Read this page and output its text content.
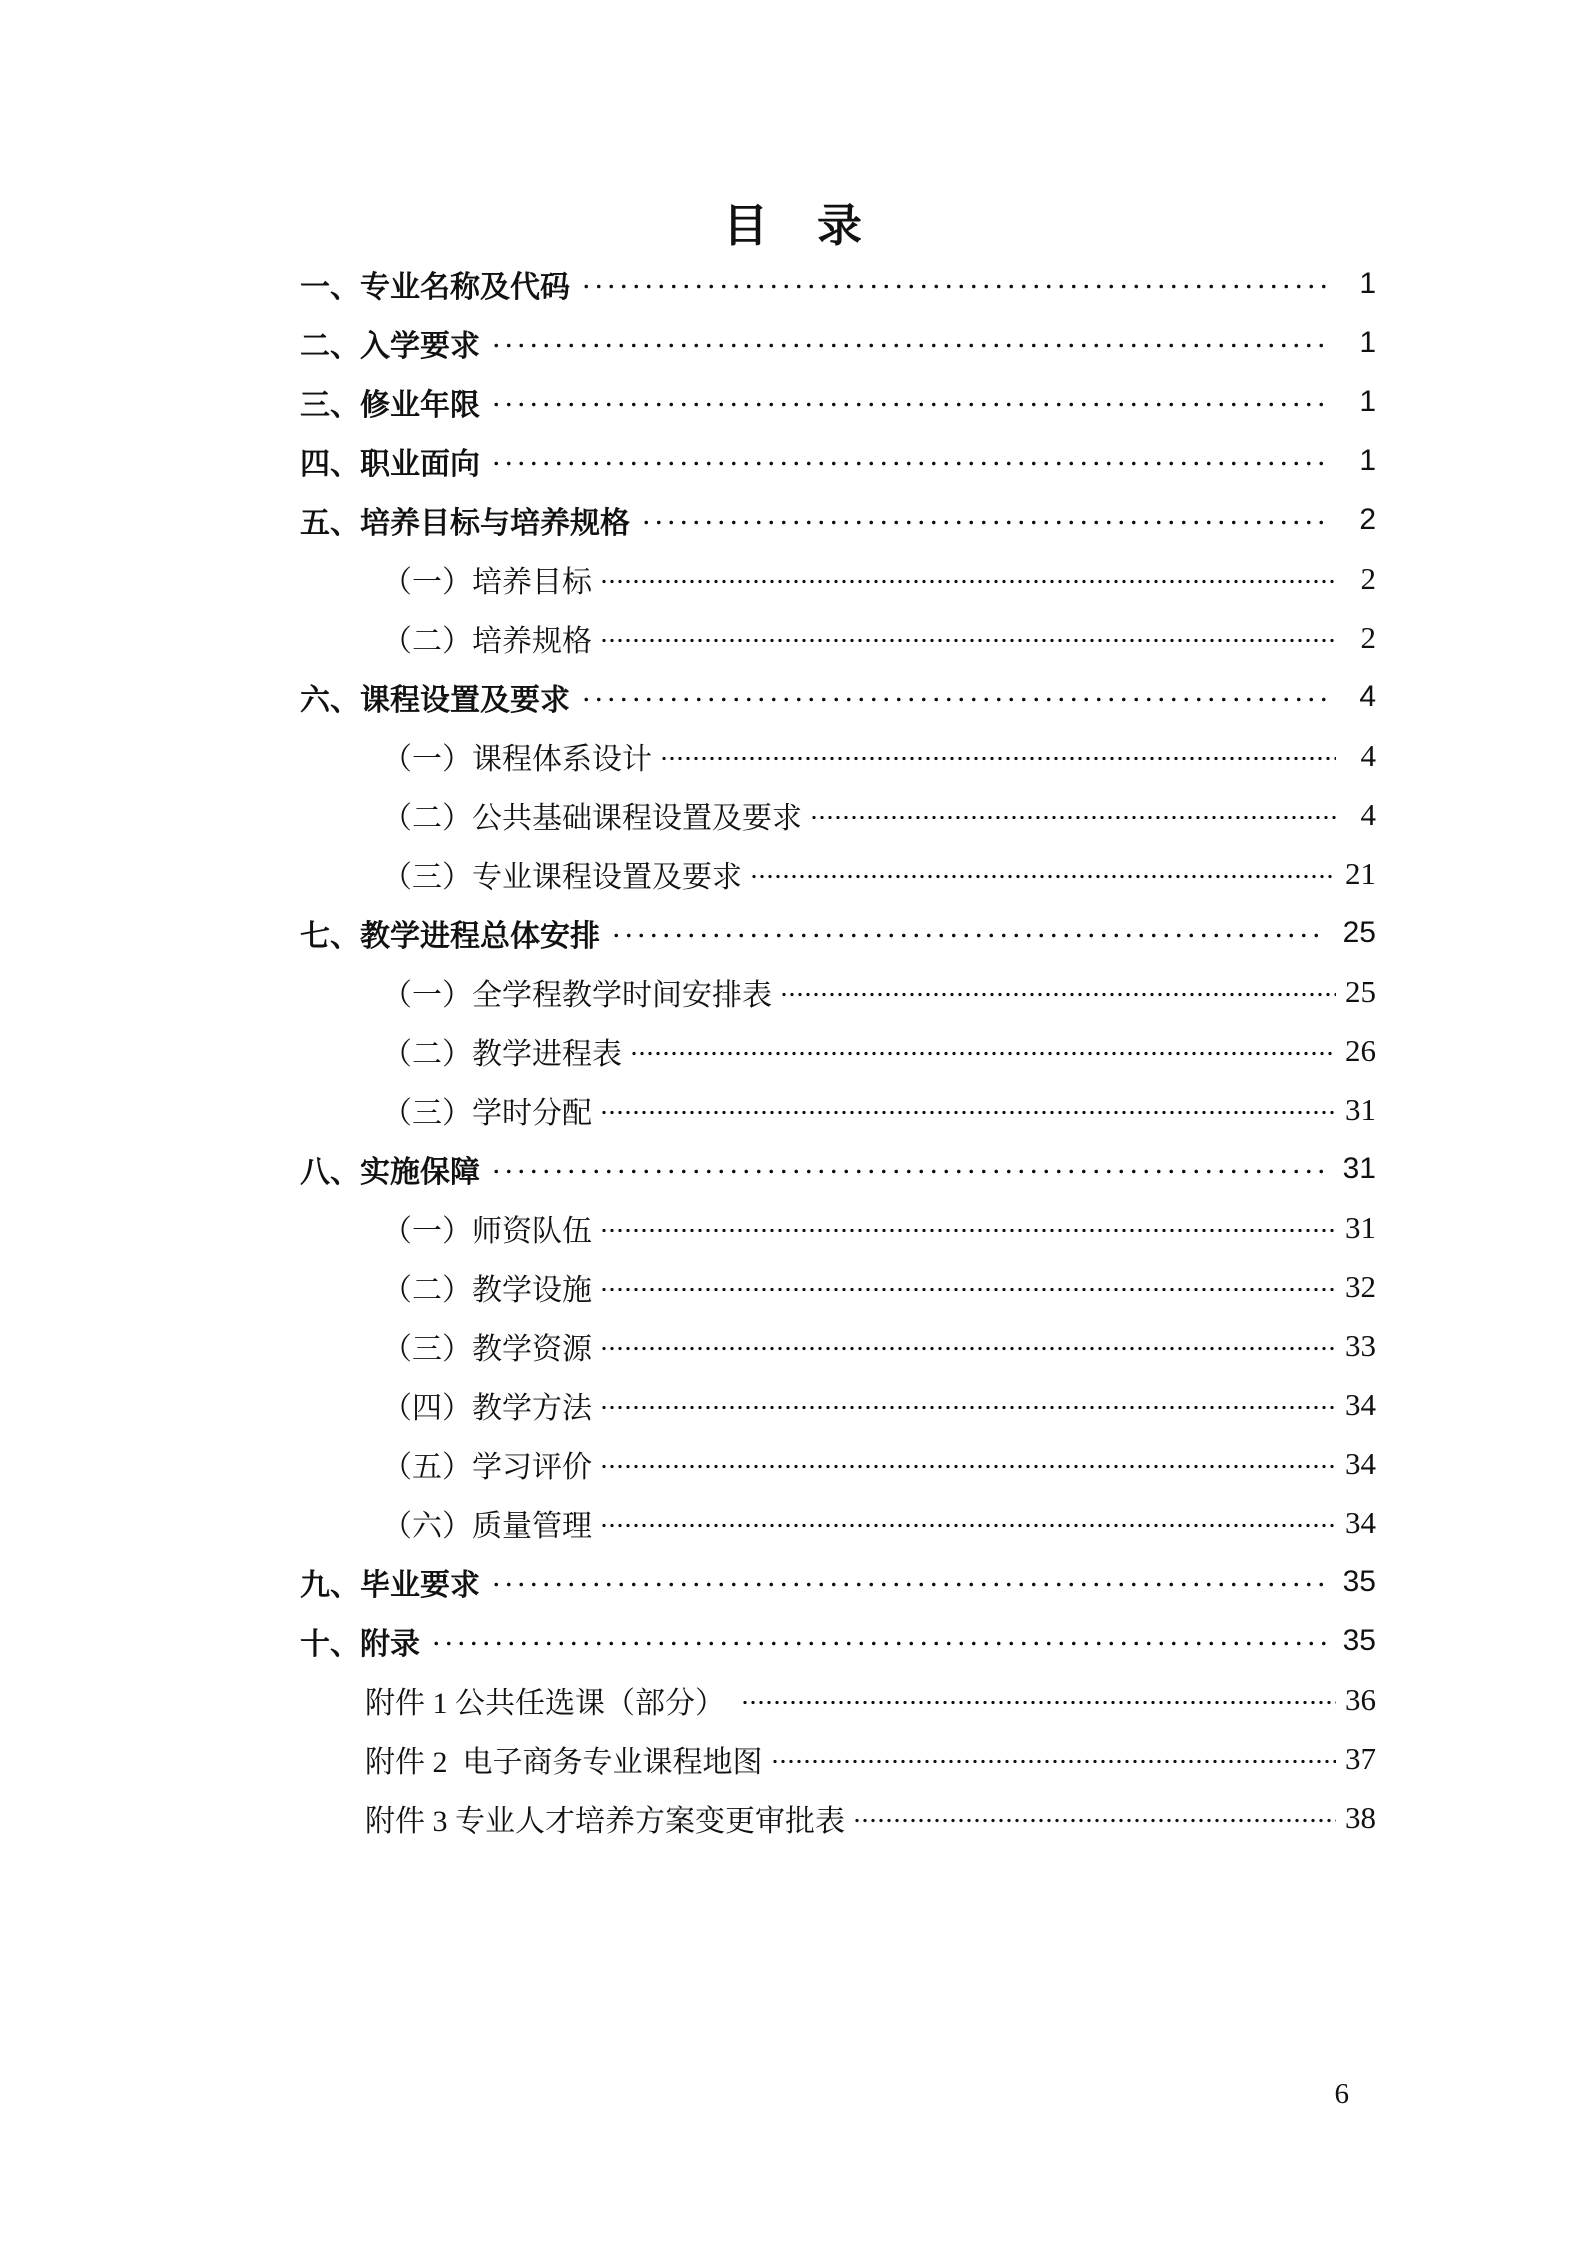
目　录
一、专业名称及代码	1
二、入学要求	1
三、修业年限	1
四、职业面向	1
五、培养目标与培养规格	2
（一）培养目标	2
（二）培养规格	2
六、课程设置及要求	4
（一）课程体系设计	4
（二）公共基础课程设置及要求	4
（三）专业课程设置及要求	21
七、教学进程总体安排	25
（一）全学程教学时间安排表	25
（二）教学进程表	26
（三）学时分配	31
八、实施保障	31
（一）师资队伍	31
（二）教学设施	32
（三）教学资源	33
（四）教学方法	34
（五）学习评价	34
（六）质量管理	34
九、毕业要求	35
十、附录	35
附件 1 公共任选课（部分）	36
附件 2  电子商务专业课程地图	37
附件 3 专业人才培养方案变更审批表	38
6
